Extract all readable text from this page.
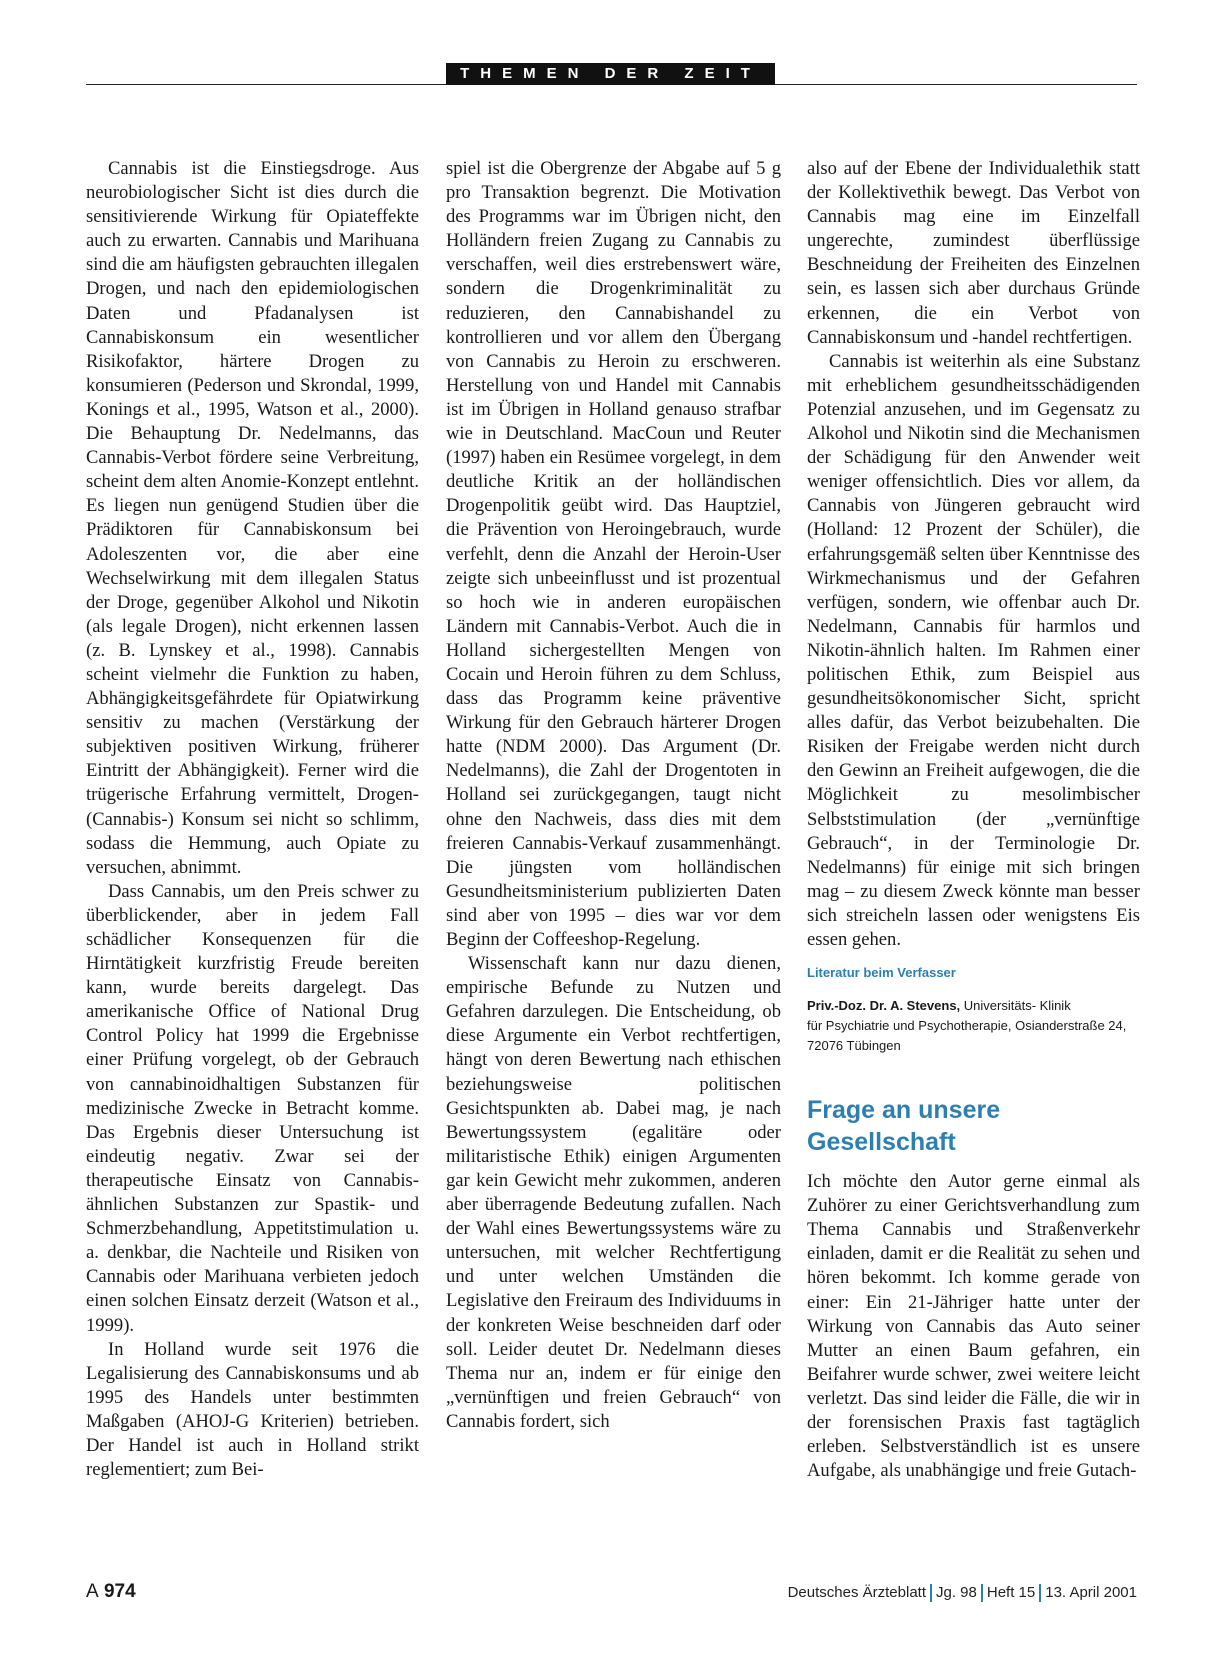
THEMEN DER ZEIT

Cannabis ist die Einstiegsdroge. Aus neurobiologischer Sicht ist dies durch die sensitivierende Wirkung für Opiateffekte auch zu erwarten. Cannabis und Marihuana sind die am häufigsten gebrauchten illegalen Drogen, und nach den epidemiologischen Daten und Pfadanalysen ist Cannabiskonsum ein wesentlicher Risikofaktor, härtere Drogen zu konsumieren (Pederson und Skrondal, 1999, Konings et al., 1995, Watson et al., 2000). Die Behauptung Dr. Nedelmanns, das Cannabis-Verbot fördere seine Verbreitung, scheint dem alten Anomie-Konzept entlehnt. Es liegen nun genügend Studien über die Prädiktoren für Cannabiskonsum bei Adoleszenten vor, die aber eine Wechselwirkung mit dem illegalen Status der Droge, gegenüber Alkohol und Nikotin (als legale Drogen), nicht erkennen lassen (z. B. Lynskey et al., 1998). Cannabis scheint vielmehr die Funktion zu haben, Abhängigkeitsgefährdete für Opiatwirkung sensitiv zu machen (Verstärkung der subjektiven positiven Wirkung, früherer Eintritt der Abhängigkeit). Ferner wird die trügerische Erfahrung vermittelt, Drogen-(Cannabis-) Konsum sei nicht so schlimm, sodass die Hemmung, auch Opiate zu versuchen, abnimmt.

Dass Cannabis, um den Preis schwer zu überblickender, aber in jedem Fall schädlicher Konsequenzen für die Hirntätigkeit kurzfristig Freude bereiten kann, wurde bereits dargelegt. Das amerikanische Office of National Drug Control Policy hat 1999 die Ergebnisse einer Prüfung vorgelegt, ob der Gebrauch von cannabinoidhaltigen Substanzen für medizinische Zwecke in Betracht komme. Das Ergebnis dieser Untersuchung ist eindeutig negativ. Zwar sei der therapeutische Einsatz von Cannabis-ähnlichen Substanzen zur Spastik- und Schmerzbehandlung, Appetitstimulation u. a. denkbar, die Nachteile und Risiken von Cannabis oder Marihuana verbieten jedoch einen solchen Einsatz derzeit (Watson et al., 1999).

In Holland wurde seit 1976 die Legalisierung des Cannabiskonsums und ab 1995 des Handels unter bestimmten Maßgaben (AHOJ-G Kriterien) betrieben. Der Handel ist auch in Holland strikt reglementiert; zum Bei-

spiel ist die Obergrenze der Abgabe auf 5 g pro Transaktion begrenzt. Die Motivation des Programms war im Übrigen nicht, den Holländern freien Zugang zu Cannabis zu verschaffen, weil dies erstrebenswert wäre, sondern die Drogenkriminalität zu reduzieren, den Cannabishandel zu kontrollieren und vor allem den Übergang von Cannabis zu Heroin zu erschweren. Herstellung von und Handel mit Cannabis ist im Übrigen in Holland genauso strafbar wie in Deutschland. MacCoun und Reuter (1997) haben ein Resümee vorgelegt, in dem deutliche Kritik an der holländischen Drogenpolitik geübt wird. Das Hauptziel, die Prävention von Heroingebrauch, wurde verfehlt, denn die Anzahl der Heroin-User zeigte sich unbeeinflusst und ist prozentual so hoch wie in anderen europäischen Ländern mit Cannabis-Verbot. Auch die in Holland sichergestellten Mengen von Cocain und Heroin führen zu dem Schluss, dass das Programm keine präventive Wirkung für den Gebrauch härterer Drogen hatte (NDM 2000). Das Argument (Dr. Nedelmanns), die Zahl der Drogentoten in Holland sei zurückgegangen, taugt nicht ohne den Nachweis, dass dies mit dem freieren Cannabis-Verkauf zusammenhängt. Die jüngsten vom holländischen Gesundheitsministerium publizierten Daten sind aber von 1995 – dies war vor dem Beginn der Coffeeshop-Regelung.

Wissenschaft kann nur dazu dienen, empirische Befunde zu Nutzen und Gefahren darzulegen. Die Entscheidung, ob diese Argumente ein Verbot rechtfertigen, hängt von deren Bewertung nach ethischen beziehungsweise politischen Gesichtspunkten ab. Dabei mag, je nach Bewertungssystem (egalitäre oder militaristische Ethik) einigen Argumenten gar kein Gewicht mehr zukommen, anderen aber überragende Bedeutung zufallen. Nach der Wahl eines Bewertungssystems wäre zu untersuchen, mit welcher Rechtfertigung und unter welchen Umständen die Legislative den Freiraum des Individuums in der konkreten Weise beschneiden darf oder soll. Leider deutet Dr. Nedelmann dieses Thema nur an, indem er für einige den „vernünftigen und freien Gebrauch“ von Cannabis fordert, sich

also auf der Ebene der Individualethik statt der Kollektivethik bewegt. Das Verbot von Cannabis mag eine im Einzelfall ungerechte, zumindest überflüssige Beschneidung der Freiheiten des Einzelnen sein, es lassen sich aber durchaus Gründe erkennen, die ein Verbot von Cannabiskonsum und -handel rechtfertigen.

Cannabis ist weiterhin als eine Substanz mit erheblichem gesundheitsschädigenden Potenzial anzusehen, und im Gegensatz zu Alkohol und Nikotin sind die Mechanismen der Schädigung für den Anwender weit weniger offensichtlich. Dies vor allem, da Cannabis von Jüngeren gebraucht wird (Holland: 12 Prozent der Schüler), die erfahrungsgemäß selten über Kenntnisse des Wirkmechanismus und der Gefahren verfügen, sondern, wie offenbar auch Dr. Nedelmann, Cannabis für harmlos und Nikotin-ähnlich halten. Im Rahmen einer politischen Ethik, zum Beispiel aus gesundheitsökonomischer Sicht, spricht alles dafür, das Verbot beizubehalten. Die Risiken der Freigabe werden nicht durch den Gewinn an Freiheit aufgewogen, die die Möglichkeit zu mesolimbischer Selbststimulation (der „vernünftige Gebrauch“, in der Terminologie Dr. Nedelmanns) für einige mit sich bringen mag – zu diesem Zweck könnte man besser sich streicheln lassen oder wenigstens Eis essen gehen.

Literatur beim Verfasser
Priv.-Doz. Dr. A. Stevens, Universitäts- Klinik
für Psychiatrie und Psychotherapie, Osianderstraße 24,
72076 Tübingen
Frage an unsere Gesellschaft

Ich möchte den Autor gerne einmal als Zuhörer zu einer Gerichtsverhandlung zum Thema Cannabis und Straßenverkehr einladen, damit er die Realität zu sehen und hören bekommt. Ich komme gerade von einer: Ein 21-Jähriger hatte unter der Wirkung von Cannabis das Auto seiner Mutter an einen Baum gefahren, ein Beifahrer wurde schwer, zwei weitere leicht verletzt. Das sind leider die Fälle, die wir in der forensischen Praxis fast tagtäglich erleben. Selbstverständlich ist es unsere Aufgabe, als unabhängige und freie Gutach-

A 974	Deutsches Ärzteblatt Jg. 98 Heft 15 13. April 2001
